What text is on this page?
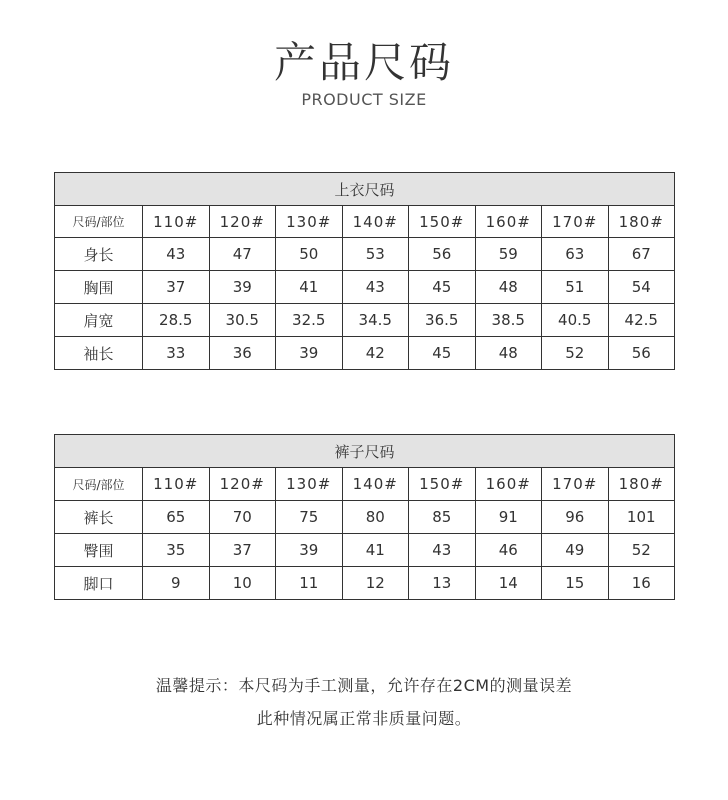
产品尺码
PRODUCT SIZE
上衣尺码								
尺码/部位	110#	120#	130#	140#	150#	160#	170#	180#
身长	43	47	50	53	56	59	63	67
胸围	37	39	41	43	45	48	51	54
肩宽	28.5	30.5	32.5	34.5	36.5	38.5	40.5	42.5
袖长	33	36	39	42	45	48	52	56
裤子尺码								
尺码/部位	110#	120#	130#	140#	150#	160#	170#	180#
裤长	65	70	75	80	85	91	96	101
臀围	35	37	39	41	43	46	49	52
脚口	9	10	11	12	13	14	15	16
温馨提示：本尺码为手工测量，允许存在2CM的测量误差
此种情况属正常非质量问题。
